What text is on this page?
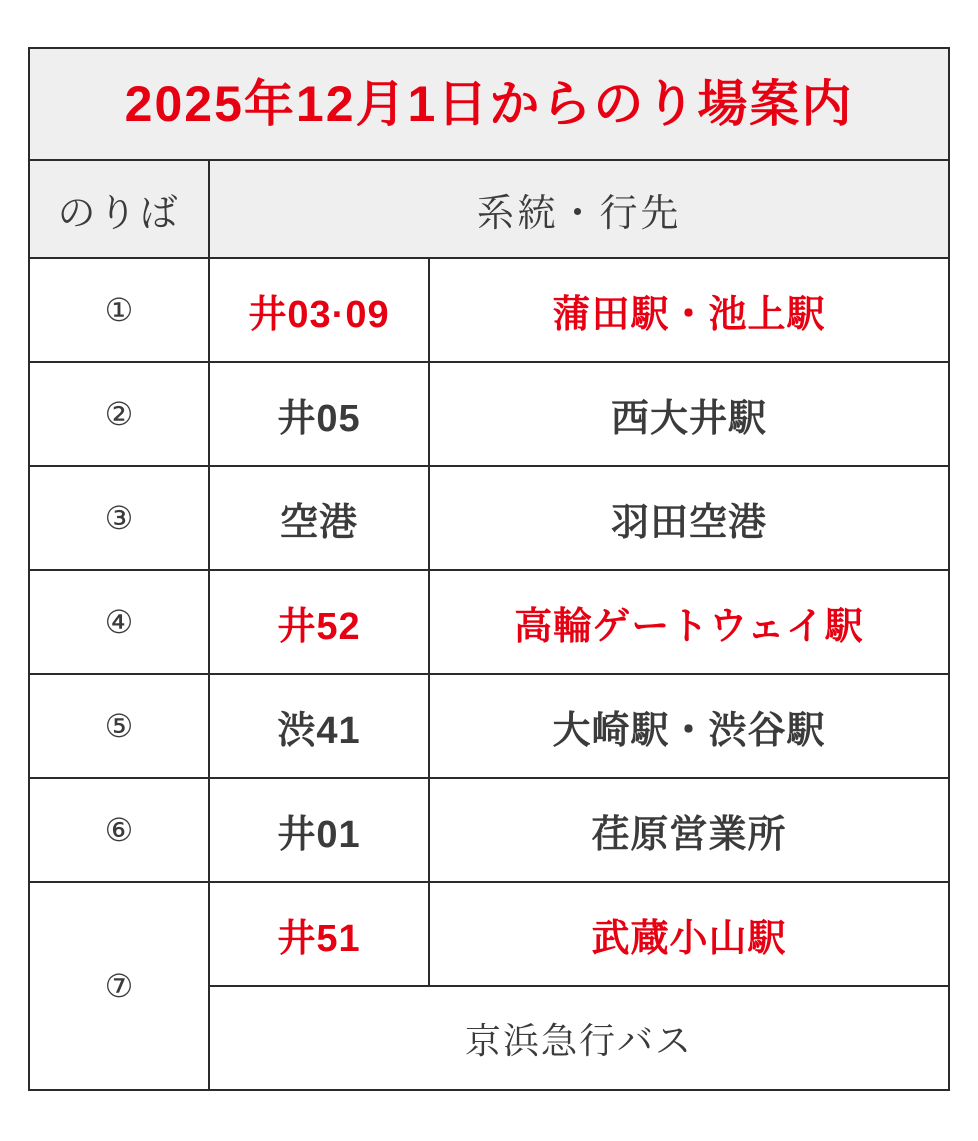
2025年12月1日からのり場案内		

のりば	系統・行先	

①	井03·09	蒲田駅・池上駅

②	井05	西大井駅

③	空港	羽田空港

④	井52	高輪ゲートウェイ駅

⑤	渋41	大崎駅・渋谷駅

⑥	井01	荏原営業所

⑦	井51	武蔵小山駅

	京浜急行バス	
